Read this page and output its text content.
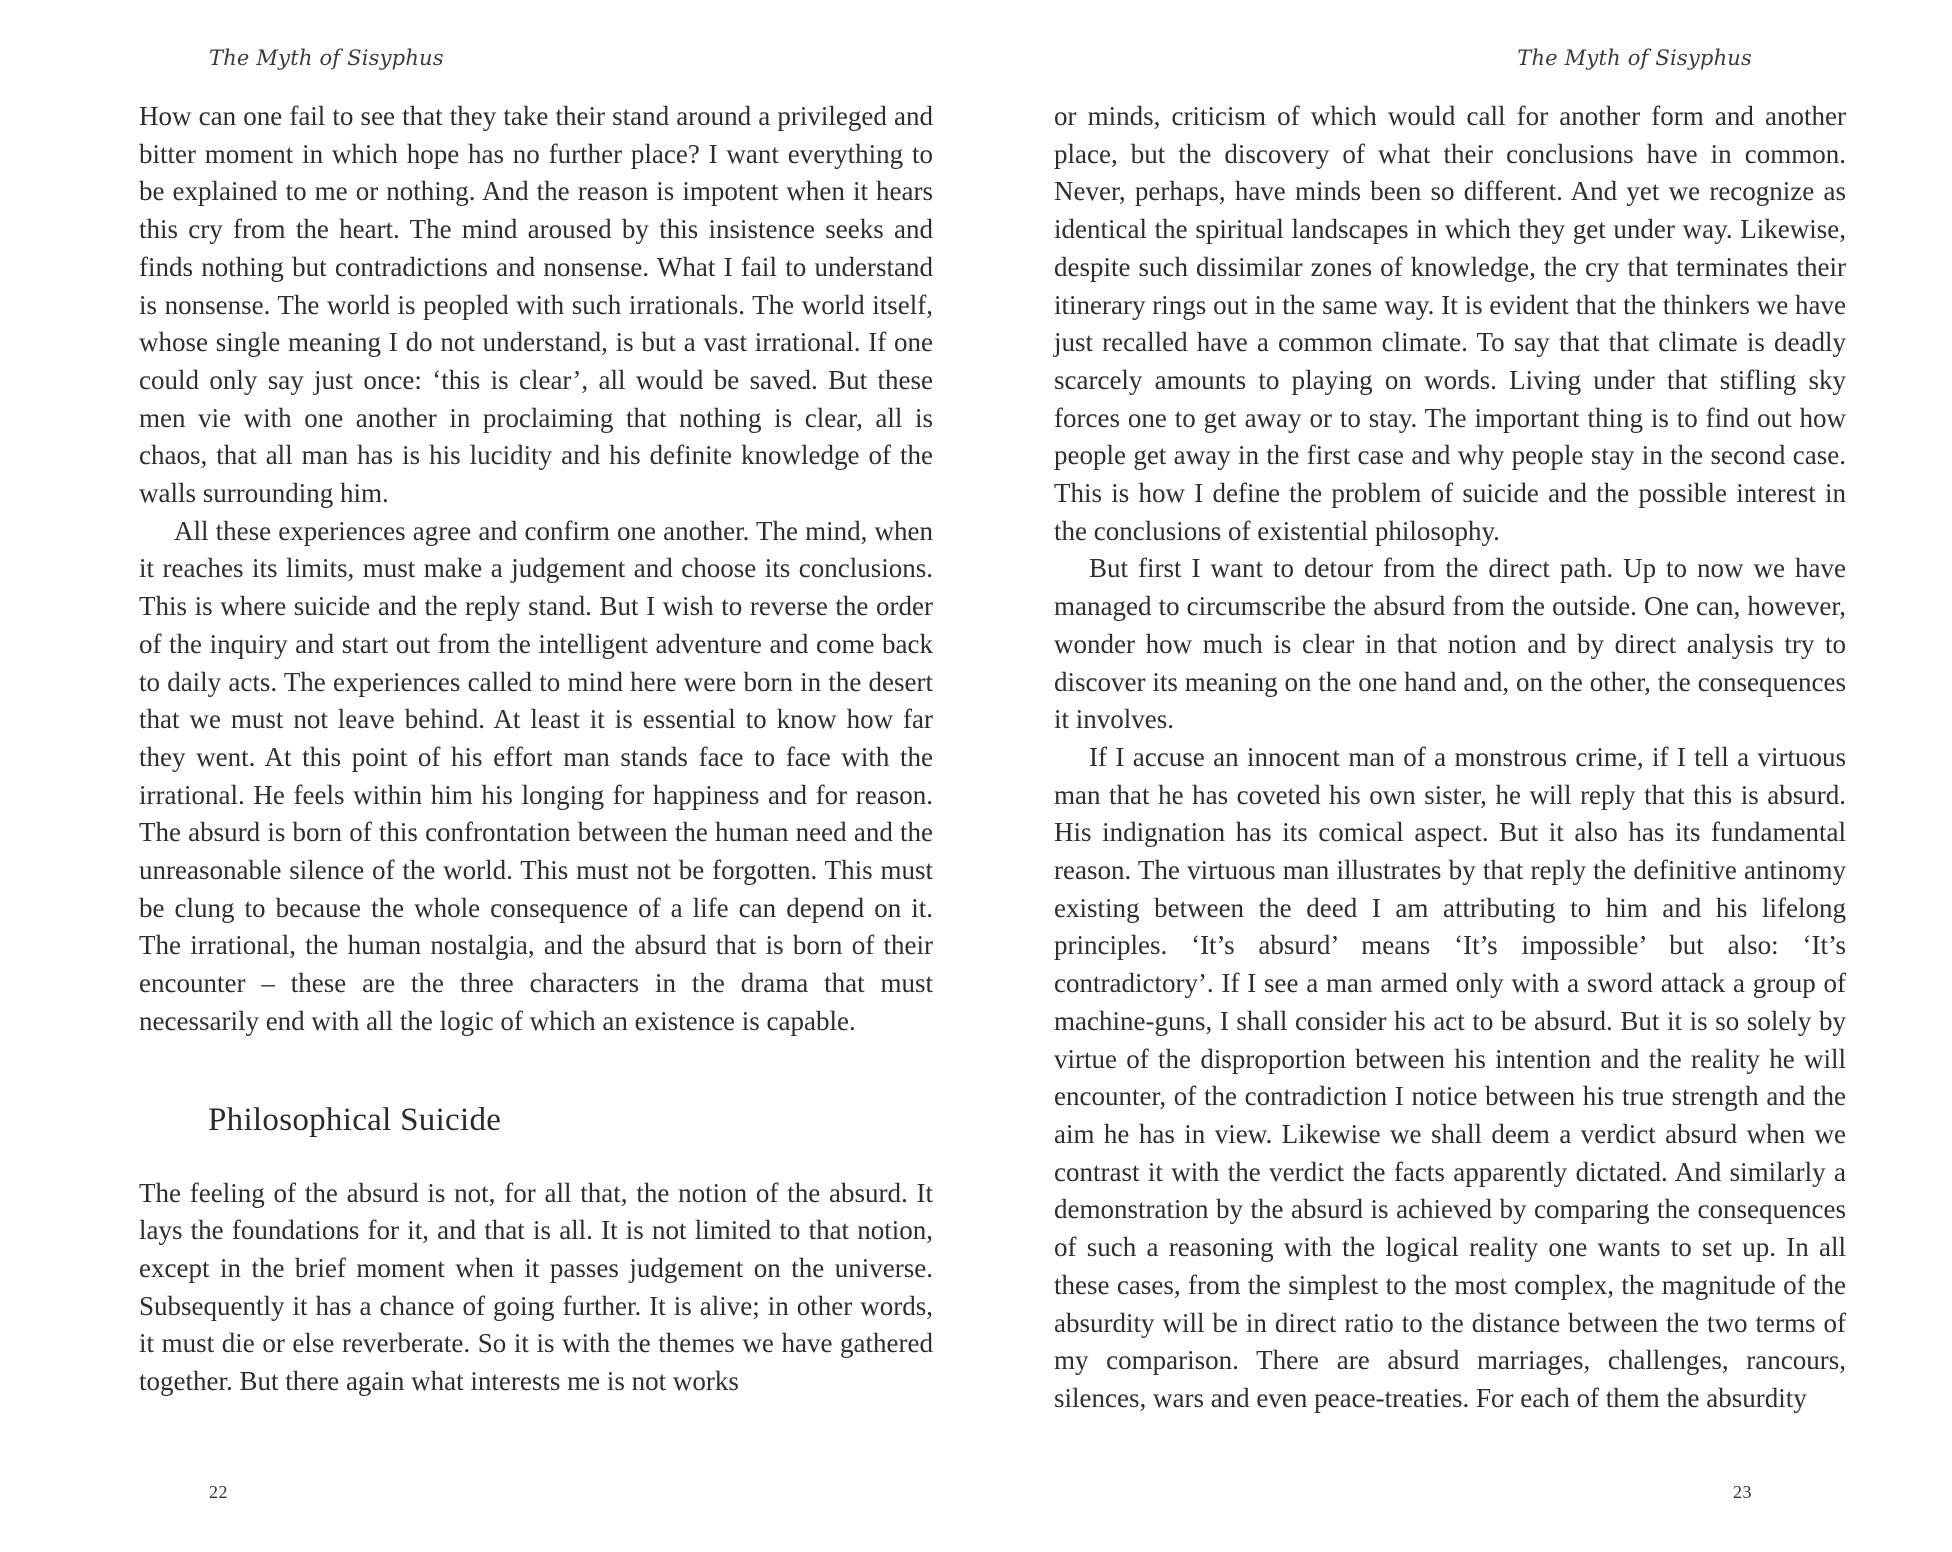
The Myth of Sisyphus

How can one fail to see that they take their stand around a privileged and bitter moment in which hope has no further place? I want everything to be explained to me or nothing. And the reason is impotent when it hears this cry from the heart. The mind aroused by this insistence seeks and finds nothing but contradictions and nonsense. What I fail to understand is nonsense. The world is peopled with such irrationals. The world itself, whose single meaning I do not understand, is but a vast irrational. If one could only say just once: ‘this is clear’, all would be saved. But these men vie with one another in proclaiming that nothing is clear, all is chaos, that all man has is his lucidity and his definite knowledge of the walls surrounding him.

All these experiences agree and confirm one another. The mind, when it reaches its limits, must make a judgement and choose its conclusions. This is where suicide and the reply stand. But I wish to reverse the order of the inquiry and start out from the intelligent adventure and come back to daily acts. The experiences called to mind here were born in the desert that we must not leave behind. At least it is essential to know how far they went. At this point of his effort man stands face to face with the irrational. He feels within him his longing for happiness and for reason. The absurd is born of this confrontation between the human need and the unreasonable silence of the world. This must not be forgotten. This must be clung to because the whole consequence of a life can depend on it. The irrational, the human nostalgia, and the absurd that is born of their encounter – these are the three characters in the drama that must necessarily end with all the logic of which an existence is capable.

Philosophical Suicide

The feeling of the absurd is not, for all that, the notion of the absurd. It lays the foundations for it, and that is all. It is not limited to that notion, except in the brief moment when it passes judgement on the universe. Subsequently it has a chance of going further. It is alive; in other words, it must die or else reverberate. So it is with the themes we have gathered together. But there again what interests me is not works

22
The Myth of Sisyphus

or minds, criticism of which would call for another form and another place, but the discovery of what their conclusions have in common. Never, perhaps, have minds been so different. And yet we recognize as identical the spiritual landscapes in which they get under way. Likewise, despite such dissimilar zones of knowledge, the cry that terminates their itinerary rings out in the same way. It is evident that the thinkers we have just recalled have a common climate. To say that that climate is deadly scarcely amounts to playing on words. Living under that stifling sky forces one to get away or to stay. The important thing is to find out how people get away in the first case and why people stay in the second case. This is how I define the problem of suicide and the possible interest in the conclusions of existential philosophy.

But first I want to detour from the direct path. Up to now we have managed to circumscribe the absurd from the outside. One can, however, wonder how much is clear in that notion and by direct analysis try to discover its meaning on the one hand and, on the other, the consequences it involves.

If I accuse an innocent man of a monstrous crime, if I tell a virtuous man that he has coveted his own sister, he will reply that this is absurd. His indignation has its comical aspect. But it also has its fundamental reason. The virtuous man illustrates by that reply the definitive antinomy existing between the deed I am attributing to him and his lifelong principles. ‘It’s absurd’ means ‘It’s impossible’ but also: ‘It’s contradictory’. If I see a man armed only with a sword attack a group of machine-guns, I shall consider his act to be absurd. But it is so solely by virtue of the disproportion between his intention and the reality he will encounter, of the contradiction I notice between his true strength and the aim he has in view. Likewise we shall deem a verdict absurd when we contrast it with the verdict the facts apparently dictated. And similarly a demonstration by the absurd is achieved by comparing the consequences of such a reasoning with the logical reality one wants to set up. In all these cases, from the simplest to the most complex, the magnitude of the absurdity will be in direct ratio to the distance between the two terms of my comparison. There are absurd marriages, challenges, rancours, silences, wars and even peace-treaties. For each of them the absurdity

23
